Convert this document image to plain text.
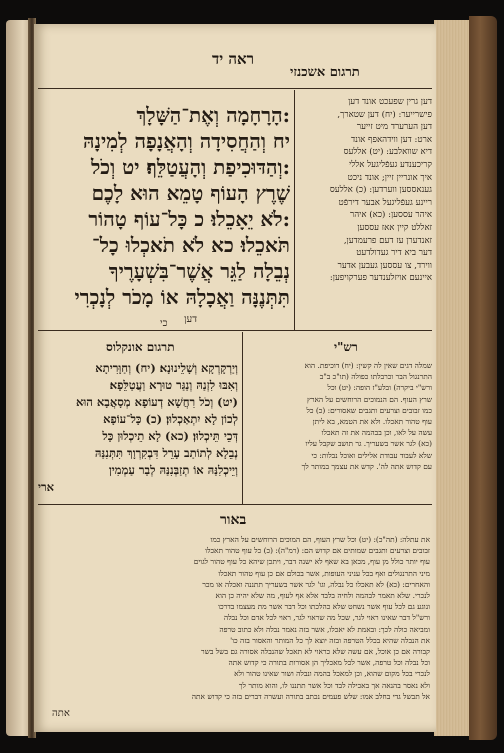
ראה יד
תרגום אשכנזי
:הָרָחָמָה וְאֶת־הַשָּׁלָךְ
יח וְהַחֲסִידָה וְהָאֲנָפָה לְמִינָהּ
:וְהַדּוּכִיפַת וְהָעֲטַלֵּף׃ יט וְכֹל
שֶׁרֶץ הָעוֹף טָמֵא הוּא לָכֶם
:לֹא יֵאָכֵלוּ׃ כ כָּל־עוֹף טָהוֹר
תֹּאכֵלוּ׃ כא לֹא תֹאכְלוּ כָל־
נְבֵלָה לַגֵּר אֲשֶׁר־בִּשְׁעָרֶיךָ
תִּתְּנֶנָּה וַאֲכָלָהּ אוֹ מָכֹר לְנָכְרִי
כי
דען גרין שפעכט אונד דען
פישרייער: (יח) דען שטארך,
דען הערערד מיט זייער
ארט: דען ווידהאפף אונד
דיא שוואלבע: (יט) אללעס
קריכענדע געפֿליגעל אללי
איך אונריין זיין; אונד ניכט
גענאססען ווערדען: (כ) אללעס
ריינע געפֿליגעל אבער דירפֿט
איהר עססען: (כא) איהר
זאללט קיין אאז עססען
זאנדערן עז דעם פרעמדען,
דער ביא דיר געדולדעט
ווירד, צו עססען געבען אדער
איינעם אויזלענדער פערקויפען:
דען
תרגום אונקלוס
וְיַרְקָרְקָא וְשָׁלֵינוּנָא׃ (יח) וְחַוָּרִיתָא
וְאִבּוּ לִזְנַהּ וְנַגַּר טוּרָא וַעֲטַלֵּפָא׃
(יט) וְכֹל רִחֲשָׁא דְעוֹפָא מְסָאֲבָא הוּא
לְכוֹן לָא יִתְאַכְלוּן׃ (כ) כָּל־עוֹפָא
דְּכֵי תֵּיכְלוּן׃ (כא) לָא תֵיכְלוּן כָּל
נְבֵלָא לְתוֹתַב עָרֵל דִּבְקִרְוָךְ תִּתְּנִנַּהּ
וְיֵיכְלִנַּהּ אוֹ תְזַבְּנִנַּהּ לְבַר עַמְמִין
ארי
רש"י
שמלה דגים שאין לה קשין: (יח) דוכיפת. הוא
התרנגול הבר וכרבלתו כפולה (תו"כ ב"ב
ורש"י ביקרה) ובלע"ז הופה: (יט) וכל
שרץ העוף. הם הנמוכים הרוחשים על הארץ
כמו זבובים וצרעים ותגבים שאסורים: (כ) כל
עוף טהור תאכלו. ולא את הטמא, בא ליתן
עשה על לאו, וכן בבהמה את זה תאכלו
(כא) לגר אשר בשעריך. גר תושב שקבל עליו
שלא לעבוד עבודת אלילים ואוכל נבלות: כי
עם קדוש אתה לה'. קדש את עצמך במותר לך
באור
את עתלה: (תה"כ): (יט) וכל שרץ העוף, הם המוכים הרוחשים על הארץ כמו
זבובים וצרעים ותגבים שמותים אם קדוש הם: (רמ"ה): (כ) כל עוף טהור תאכלו
עוף יותר כולל מן עוף, מכאן בא שאף לא ישנה דבר, ויתכן שיהא כל עוף טהור לגוים
מיני התרנגולים ואף בכל עניני העופות, אשר בכולם אם כן עוף טהור תאכלו
והאחרים: (כא) לא תאכלו כל נבלה, וגו' לגר אשר בשעריך תתננה ואכלה או מכר
לנכרי. שלא תאמר לבהמה ולחיה בלבד אלא אף לעוף, מה שלא יהיה כן הוא
ונוגע גם לכל עוף אשר נשחט שלא כהלכתו וכל דבר אשר מת מעצמו בדרכו
ורש"ל דבר שאינו ראוי לגר, שכל מה שראוי לגר, ראוי לכל אדם וכל נבלה
ומביאה כולה לכך: ובאמת לא יאכלו, אשר בזה נאמר נבלה ולא כתוב טרפה
את הנבלה שהיא בכלל הטרפה ובזה יוצא לך כל המותר והאסור בזה כו'
קבורה אם כן אוכל, אם עשה שלא כראוי לא תאכל שהנבלה אסורה גם בשל בשר
וכל נבלה וכל טרפה, אשר לכל מאכליך הן אסורות בתורה כי קדוש אתה
לנכרי בכל מקום שהוא, וכן למאכל בהמה ונבלה ושור שאינו טהור ולא
ולא נאסר בהנאה אך באכילה לבד וכל אשר תתננו לו, והוא מותר לך
אל תבשל גדי בחלב אמו: שלש פעמים נכתב בתורה ועשרה דברים בזה כי קדוש אתה
אתה
